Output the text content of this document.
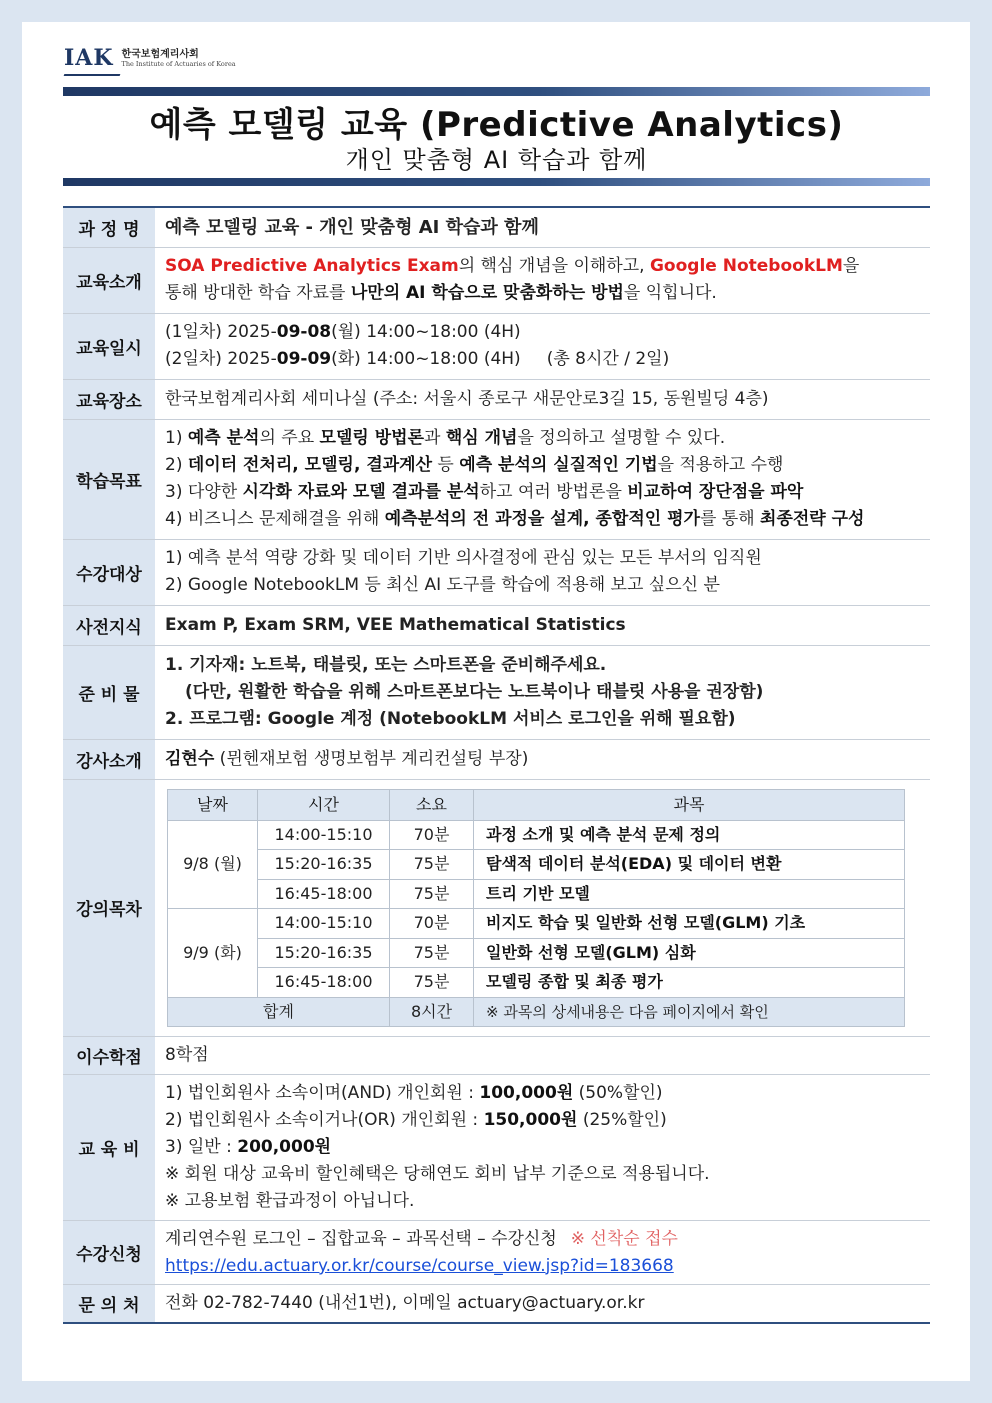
IAK 한국보험계리사회
The Institute of Actuaries of Korea
예측 모델링 교육 (Predictive Analytics)
개인 맞춤형 AI 학습과 함께
과 정 명	예측 모델링 교육 - 개인 맞춤형 AI 학습과 함께
교육소개	SOA Predictive Analytics Exam의 핵심 개념을 이해하고, Google NotebookLM을
통해 방대한 학습 자료를 나만의 AI 학습으로 맞춤화하는 방법을 익힙니다.
교육일시	(1일차) 2025-09-08(월) 14:00~18:00 (4H)
(2일차) 2025-09-09(화) 14:00~18:00 (4H) (총 8시간 / 2일)
교육장소	한국보험계리사회 세미나실 (주소: 서울시 종로구 새문안로3길 15, 동원빌딩 4층)
학습목표	
1) 예측 분석의 주요 모델링 방법론과 핵심 개념을 정의하고 설명할 수 있다.
2) 데이터 전처리, 모델링, 결과계산 등 예측 분석의 실질적인 기법을 적용하고 수행
3) 다양한 시각화 자료와 모델 결과를 분석하고 여러 방법론을 비교하여 장단점을 파악
4) 비즈니스 문제해결을 위해 예측분석의 전 과정을 설계, 종합적인 평가를 통해 최종전략 구성

수강대상	
1) 예측 분석 역량 강화 및 데이터 기반 의사결정에 관심 있는 모든 부서의 임직원
2) Google NotebookLM 등 최신 AI 도구를 학습에 적용해 보고 싶으신 분

사전지식	Exam P, Exam SRM, VEE Mathematical Statistics
준 비 물	
1. 기자재: 노트북, 태블릿, 또는 스마트폰을 준비해주세요.
(다만, 원활한 학습을 위해 스마트폰보다는 노트북이나 태블릿 사용을 권장함)
2. 프로그램: Google 계정 (NotebookLM 서비스 로그인을 위해 필요함)

강사소개	김현수 (뮌헨재보험 생명보험부 계리컨설팅 부장)
강의목차	
날짜	시간	소요	과목
9/8 (월)	14:00-15:10	70분	과정 소개 및 예측 분석 문제 정의
15:20-16:35	75분	탐색적 데이터 분석(EDA) 및 데이터 변환
16:45-18:00	75분	트리 기반 모델
9/9 (화)	14:00-15:10	70분	비지도 학습 및 일반화 선형 모델(GLM) 기초
15:20-16:35	75분	일반화 선형 모델(GLM) 심화
16:45-18:00	75분	모델링 종합 및 최종 평가
합계	8시간	※ 과목의 상세내용은 다음 페이지에서 확인

이수학점	8학점
교 육 비	
1) 법인회원사 소속이며(AND) 개인회원 : 100,000원 (50%할인)
2) 법인회원사 소속이거나(OR) 개인회원 : 150,000원 (25%할인)
3) 일반 : 200,000원
※ 회원 대상 교육비 할인혜택은 당해연도 회비 납부 기준으로 적용됩니다.
※ 고용보험 환급과정이 아닙니다.

수강신청	
계리연수원 로그인 – 집합교육 – 과목선택 – 수강신청 ※ 선착순 접수
https://edu.actuary.or.kr/course/course_view.jsp?id=183668

문 의 처	전화 02-782-7440 (내선1번), 이메일 actuary@actuary.or.kr
